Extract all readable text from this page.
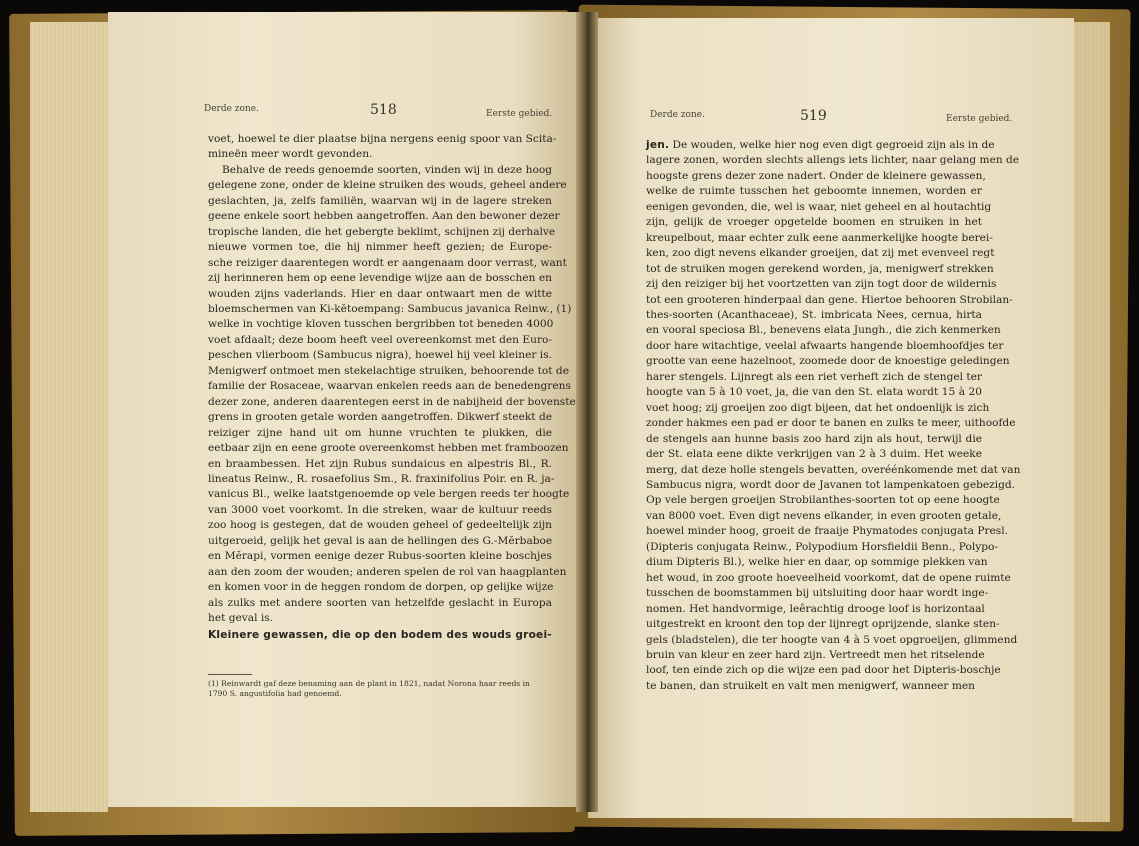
Derde zone.	518	Eerste gebied.

voet, hoewel te dier plaatse bijna nergens eenig spoor van Scita-

mineën meer wordt gevonden.

Behalve de reeds genoemde soorten, vinden wij in deze hoog

gelegene zone, onder de kleine struiken des wouds, geheel andere

geslachten, ja, zelfs familiën, waarvan wij in de lagere streken

geene enkele soort hebben aangetroffen. Aan den bewoner dezer

tropische landen, die het gebergte beklimt, schijnen zij derhalve

nieuwe vormen toe, die hij nimmer heeft gezien; de Europe-

sche reiziger daarentegen wordt er aangenaam door verrast, want

zij herinneren hem op eene levendige wijze aan de bosschen en

wouden zijns vaderlands. Hier en daar ontwaart men de witte

bloemschermen van Ki-kĕtoempang: Sambucus javanica Reinw., (1)

welke in vochtige kloven tusschen bergribben tot beneden 4000

voet afdaalt; deze boom heeft veel overeenkomst met den Euro-

peschen vlierboom (Sambucus nigra), hoewel hij veel kleiner is.

Menigwerf ontmoet men stekelachtige struiken, behoorende tot de

familie der Rosaceae, waarvan enkelen reeds aan de benedengrens

dezer zone, anderen daarentegen eerst in de nabijheid der bovenste

grens in grooten getale worden aangetroffen. Dikwerf steekt de

reiziger zijne hand uit om hunne vruchten te plukken, die

eetbaar zijn en eene groote overeenkomst hebben met framboozen

en braambessen. Het zijn Rubus sundaicus en alpestris Bl., R.

lineatus Reinw., R. rosaefolius Sm., R. fraxinifolius Poir. en R. ja-

vanicus Bl., welke laatstgenoemde op vele bergen reeds ter hoogte

van 3000 voet voorkomt. In die streken, waar de kultuur reeds

zoo hoog is gestegen, dat de wouden geheel of gedeeltelijk zijn

uitgeroeid, gelijk het geval is aan de hellingen des G.-Mĕrbaboe

en Mĕrapi, vormen eenige dezer Rubus-soorten kleine boschjes

aan den zoom der wouden; anderen spelen de rol van haagplanten

en komen voor in de heggen rondom de dorpen, op gelijke wijze

als zulks met andere soorten van hetzelfde geslacht in Europa

het geval is.

Kleinere gewassen, die op den bodem des wouds groei-

(1) Reinwardt gaf deze benaming aan de plant in 1821, nadat Norona haar reeds in

1790 S. angustifolia had genoemd.

Derde zone.	519	Eerste gebied.

jen. De wouden, welke hier nog even digt gegroeid zijn als in de

lagere zonen, worden slechts allengs iets lichter, naar gelang men de

hoogste grens dezer zone nadert. Onder de kleinere gewassen,

welke de ruimte tusschen het geboomte innemen, worden er

eenigen gevonden, die, wel is waar, niet geheel en al houtachtig

zijn, gelijk de vroeger opgetelde boomen en struiken in het

kreupelbout, maar echter zulk eene aanmerkelijke hoogte berei-

ken, zoo digt nevens elkander groeijen, dat zij met evenveel regt

tot de struiken mogen gerekend worden, ja, menigwerf strekken

zij den reiziger bij het voortzetten van zijn togt door de wildernis

tot een grooteren hinderpaal dan gene. Hiertoe behooren Strobilan-

thes-soorten (Acanthaceae), St. imbricata Nees, cernua, hirta

en vooral speciosa Bl., benevens elata Jungh., die zich kenmerken

door hare witachtige, veelal afwaarts hangende bloemhoofdjes ter

grootte van eene hazelnoot, zoomede door de knoestige geledingen

harer stengels. Lijnregt als een riet verheft zich de stengel ter

hoogte van 5 à 10 voet, ja, die van den St. elata wordt 15 à 20

voet hoog; zij groeijen zoo digt bijeen, dat het ondoenlijk is zich

zonder hakmes een pad er door te banen en zulks te meer, uithoofde

de stengels aan hunne basis zoo hard zijn als hout, terwijl die

der St. elata eene dikte verkrijgen van 2 à 3 duim. Het weeke

merg, dat deze holle stengels bevatten, overéénkomende met dat van

Sambucus nigra, wordt door de Javanen tot lampenkatoen gebezigd.

Op vele bergen groeijen Strobilanthes-soorten tot op eene hoogte

van 8000 voet. Even digt nevens elkander, in even grooten getale,

hoewel minder hoog, groeit de fraaije Phymatodes conjugata Presl.

(Dipteris conjugata Reinw., Polypodium Horsfieldii Benn., Polypo-

dium Dipteris Bl.), welke hier en daar, op sommige plekken van

het woud, in zoo groote hoeveelheid voorkomt, dat de opene ruimte

tusschen de boomstammen bij uitsluiting door haar wordt inge-

nomen. Het handvormige, leêrachtig drooge loof is horizontaal

uitgestrekt en kroont den top der lijnregt oprijzende, slanke sten-

gels (bladstelen), die ter hoogte van 4 à 5 voet opgroeijen, glimmend

bruin van kleur en zeer hard zijn. Vertreedt men het ritselende

loof, ten einde zich op die wijze een pad door het Dipteris-boschje

te banen, dan struikelt en valt men menigwerf, wanneer men
